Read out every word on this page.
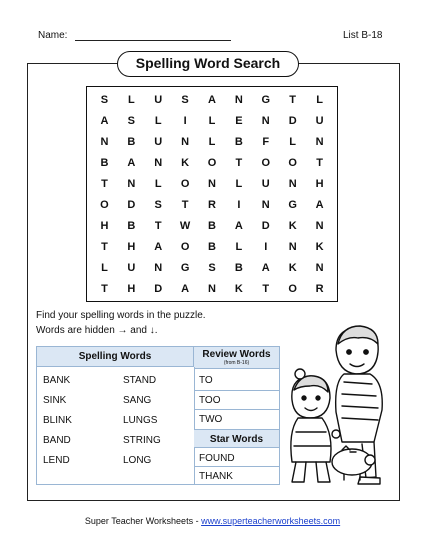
Name:	List B-18
Spelling Word Search
S	L	U	S	A	N	G	T	L
A	S	L	I	L	E	N	D	U
N	B	U	N	L	B	F	L	N
B	A	N	K	O	T	O	O	T
T	N	L	O	N	L	U	N	H
O	D	S	T	R	I	N	G	A
H	B	T	W	B	A	D	K	N
T	H	A	O	B	L	I	N	K
L	U	N	G	S	B	A	K	N
T	H	D	A	N	K	T	O	R
Find your spelling words in the puzzle.
Words are hidden → and ↓.
Spelling Words	Review Words
(from B-16)
BANK	STAND
SINK	SANG
BLINK	LUNGS
BAND	STRING
LEND	LONG
TO
TOO
TWO
Star Words
FOUND
THANK
Super Teacher Worksheets - www.superteacherworksheets.com
